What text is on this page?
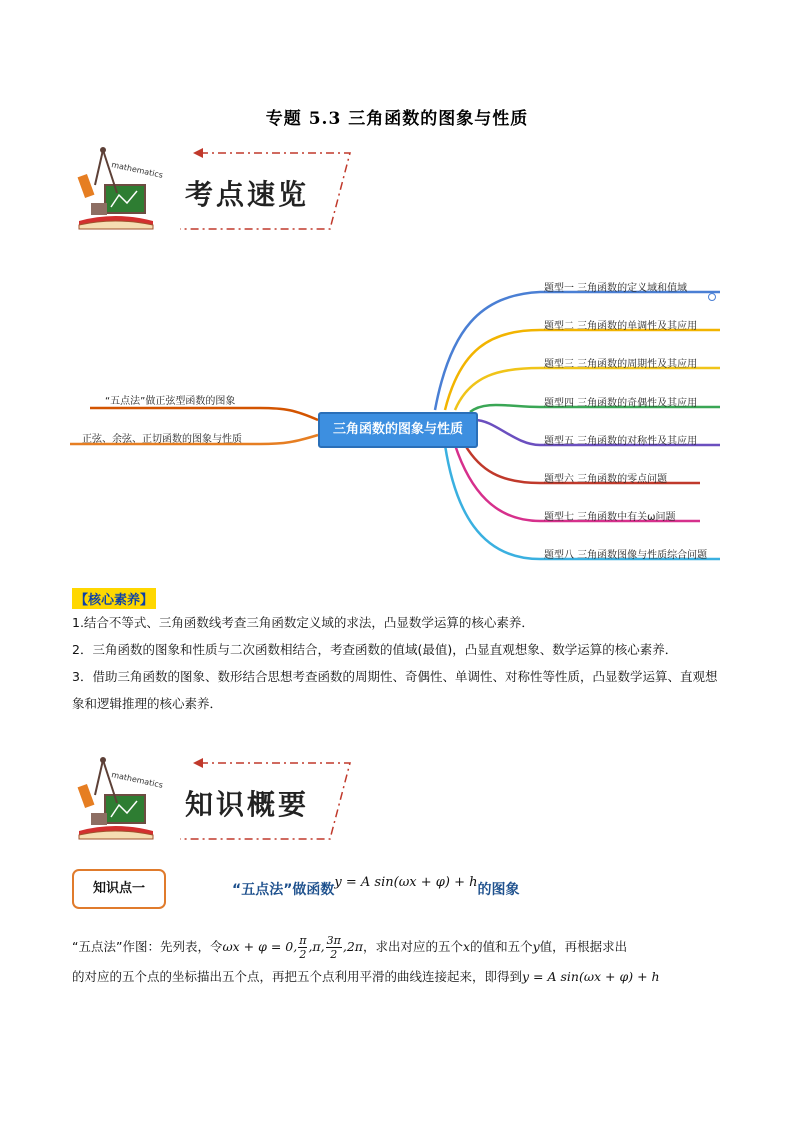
专题 5.3 三角函数的图象与性质
mathematics
考点速览
题型一 三角函数的定义域和值域
题型二 三角函数的单调性及其应用
题型三 三角函数的周期性及其应用
题型四 三角函数的奇偶性及其应用
题型五 三角函数的对称性及其应用
题型六 三角函数的零点问题
题型七 三角函数中有关ω问题
题型八 三角函数图像与性质综合问题
“五点法”做正弦型函数的图象
正弦、余弦、正切函数的图象与性质
三角函数的图象与性质
【核心素养】
1.结合不等式、三角函数线考查三角函数定义域的求法，凸显数学运算的核心素养．
2．三角函数的图象和性质与二次函数相结合，考查函数的值域(最值)，凸显直观想象、数学运算的核心素养．
3．借助三角函数的图象、数形结合思想考查函数的周期性、奇偶性、单调性、对称性等性质，凸显数学运算、直观想象和逻辑推理的核心素养．
mathematics
知识概要
知识点一	“五点法”做函数y = A sin(ωx + φ) + h的图象
“五点法”作图：先列表，令ωx + φ = 0, $\frac{\pi}{2} ,\pi$, $\frac{3\pi}{2} ,2\pi$，求出对应的五个x的值和五个y值，再根据求出
的对应的五个点的坐标描出五个点，再把五个点利用平滑的曲线连接起来，即得到y = A sin(ωx + φ) + h
